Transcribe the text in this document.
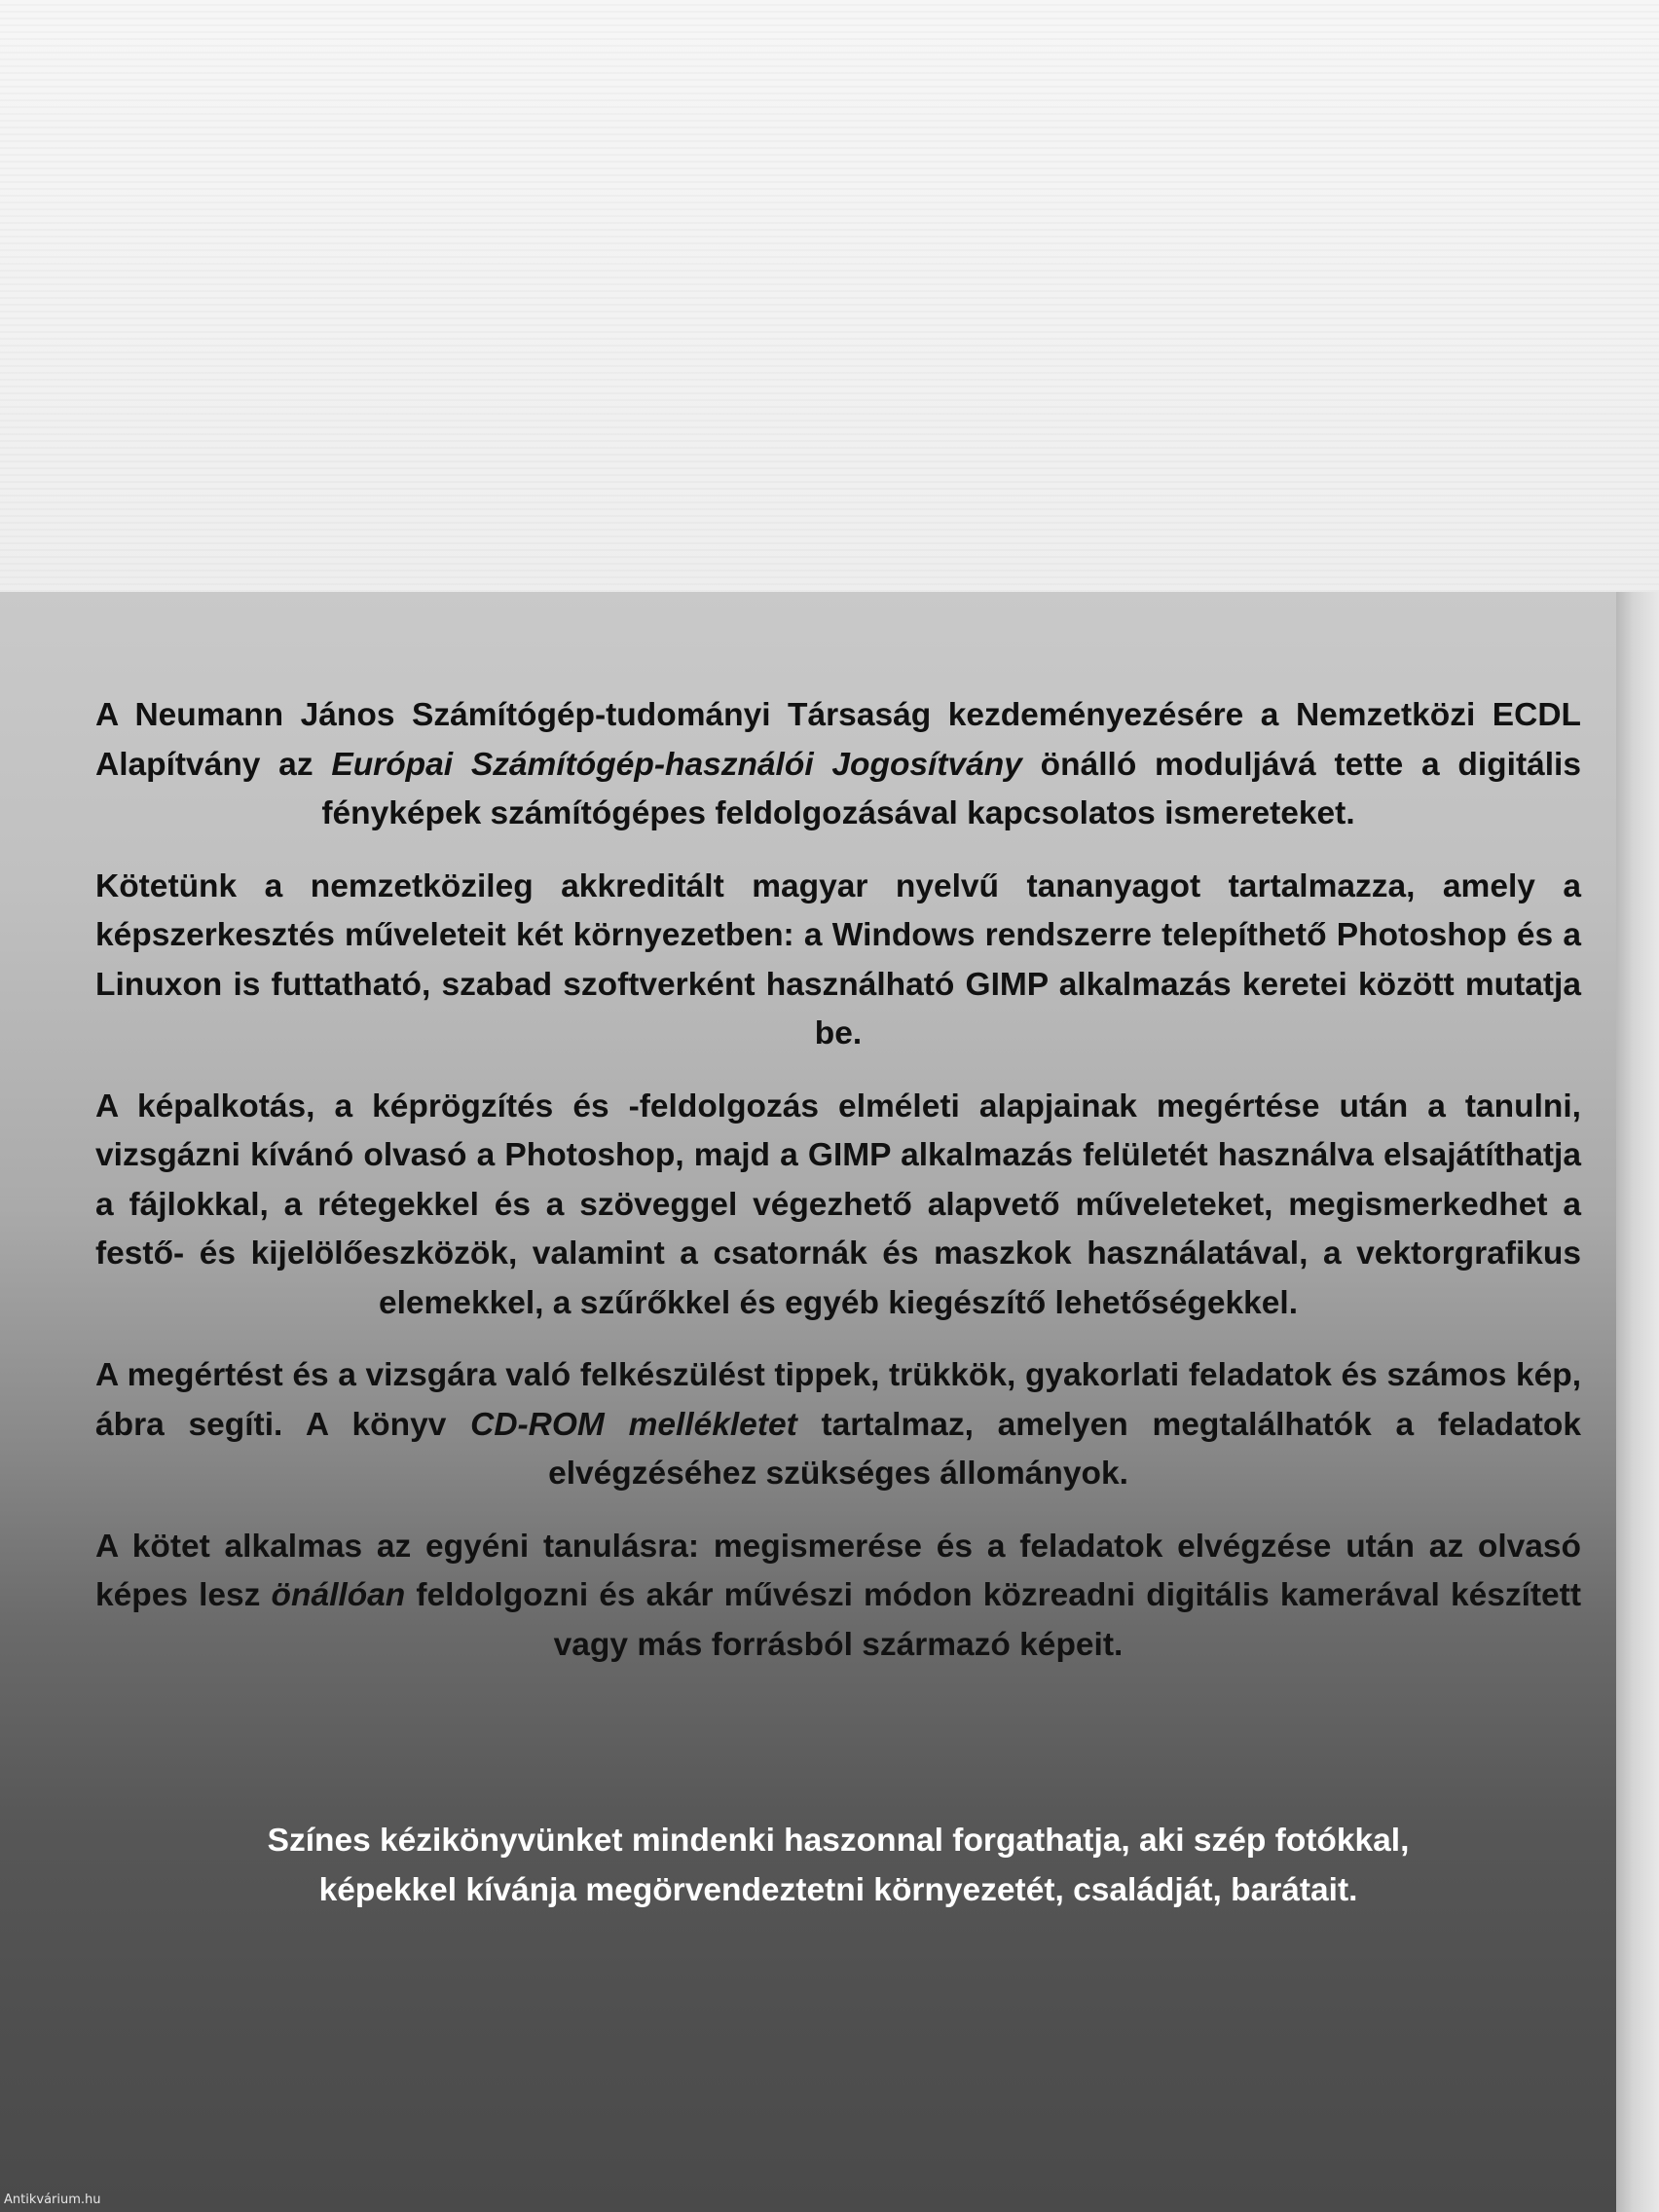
A Neumann János Számítógép-tudományi Társaság kezdeményezésére a Nemzetközi ECDL Alapítvány az Európai Számítógép-használói Jogosítvány önálló moduljává tette a digitális fényképek számítógépes feldolgozásával kapcsolatos ismereteket.

Kötetünk a nemzetközileg akkreditált magyar nyelvű tananyagot tartalmazza, amely a képszerkesztés műveleteit két környezetben: a Windows rendszerre telepíthető Photoshop és a Linuxon is futtatható, szabad szoftverként használható GIMP alkalmazás keretei között mutatja be.

A képalkotás, a képrögzítés és -feldolgozás elméleti alapjainak megértése után a tanulni, vizsgázni kívánó olvasó a Photoshop, majd a GIMP alkalmazás felületét használva elsajátíthatja a fájlokkal, a rétegekkel és a szöveggel végezhető alapvető műveleteket, megismerkedhet a festő- és kijelölőeszközök, valamint a csatornák és maszkok használatával, a vektorgrafikus elemekkel, a szűrőkkel és egyéb kiegészítő lehetőségekkel.

A megértést és a vizsgára való felkészülést tippek, trükkök, gyakorlati feladatok és számos kép, ábra segíti. A könyv CD-ROM mellékletet tartalmaz, amelyen megtalálhatók a feladatok elvégzéséhez szükséges állományok.

A kötet alkalmas az egyéni tanulásra: megismerése és a feladatok elvégzése után az olvasó képes lesz önállóan feldolgozni és akár művészi módon közreadni digitális kamerával készített vagy más forrásból származó képeit.

Színes kézikönyvünket mindenki haszonnal forgathatja, aki szép fotókkal,

képekkel kívánja megörvendeztetni környezetét, családját, barátait.

Antikvárium.hu
